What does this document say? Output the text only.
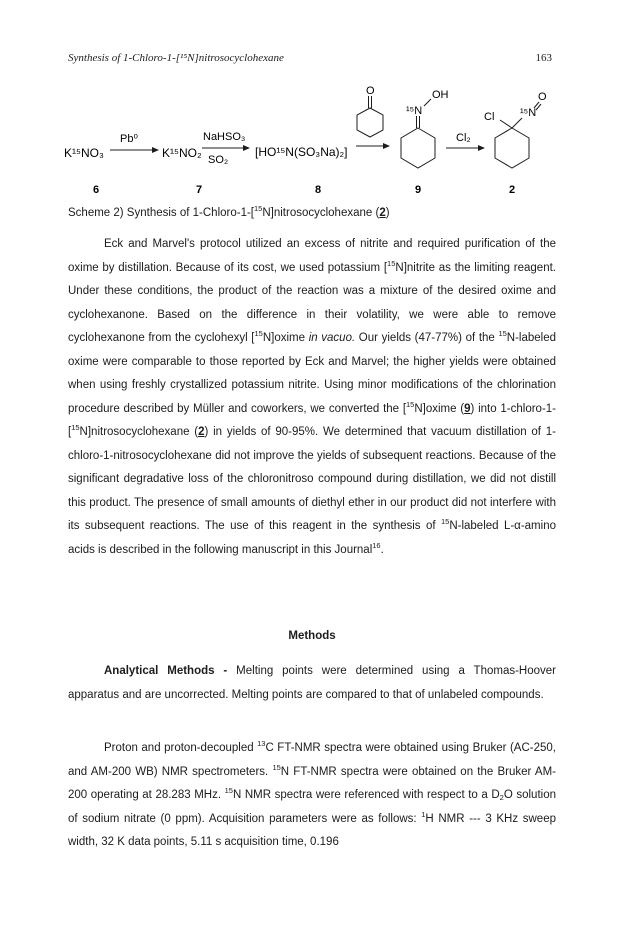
Synthesis of 1-Chloro-1-[¹⁵N]nitrosocyclohexane	163
K¹⁵NO₃
Pb⁰
K¹⁵NO₂
NaHSO₃
SO₂
[HO¹⁵N(SO₃Na)₂]
O
¹⁵N
OH
Cl₂
Cl ¹⁵N
O
6	7	8	9	2
Scheme 2) Synthesis of 1-Chloro-1-[$^{15}$N]nitrosocyclohexane (2)

Eck and Marvel's protocol utilized an excess of nitrite and required purification of the oxime by distillation. Because of its cost, we used potassium [$^{15}$N]nitrite as the limiting reagent. Under these conditions, the product of the reaction was a mixture of the desired oxime and cyclohexanone. Based on the difference in their volatility, we were able to remove cyclohexanone from the cyclohexyl [$^{15}$N]oxime in vacuo. Our yields (47-77%) of the $^{15}$N-labeled oxime were comparable to those reported by Eck and Marvel; the higher yields were obtained when using freshly crystallized potassium nitrite. Using minor modifications of the chlorination procedure described by Müller and coworkers, we converted the [$^{15}$N]oxime (9) into 1-chloro-1-[$^{15}$N]nitrosocyclohexane (2) in yields of 90-95%. We determined that vacuum distillation of 1-chloro-1-nitrosocyclohexane did not improve the yields of subsequent reactions. Because of the significant degradative loss of the chloronitroso compound during distillation, we did not distill this product. The presence of small amounts of diethyl ether in our product did not interfere with its subsequent reactions. The use of this reagent in the synthesis of $^{15}$N-labeled L-α-amino acids is described in the following manuscript in this Journal$^{16}$.

Methods

Analytical Methods - Melting points were determined using a Thomas-Hoover apparatus and are uncorrected. Melting points are compared to that of unlabeled compounds.

Proton and proton-decoupled $^{13}$C FT-NMR spectra were obtained using Bruker (AC-250, and AM-200 WB) NMR spectrometers. $^{15}$N FT-NMR spectra were obtained on the Bruker AM-200 operating at 28.283 MHz. $^{15}$N NMR spectra were referenced with respect to a $D_2O$ solution of sodium nitrate (0 ppm). Acquisition parameters were as follows: $^1$H NMR --- 3 KHz sweep width, 32 K data points, 5.11 s acquisition time, 0.196
